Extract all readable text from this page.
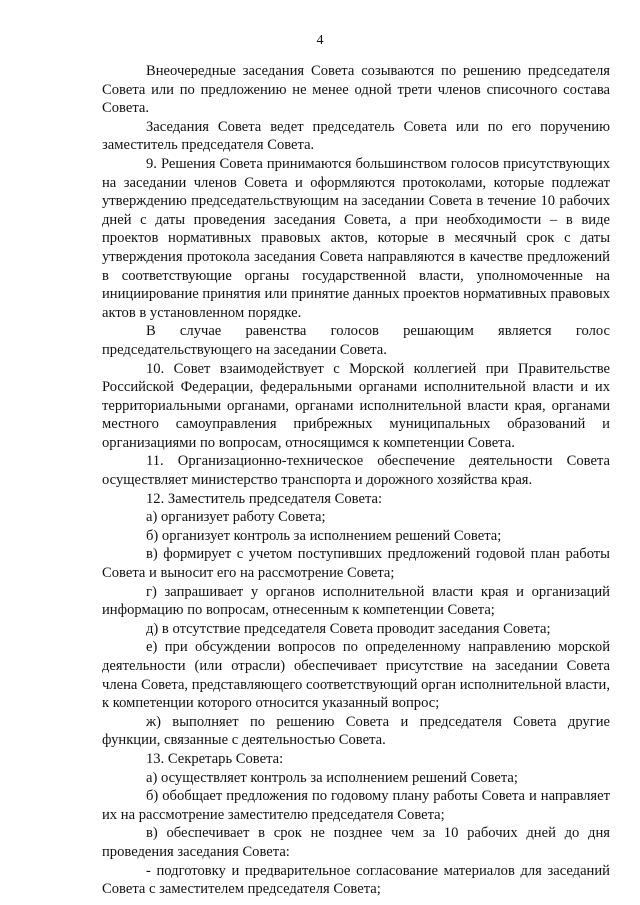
4

Внеочередные заседания Совета созываются по решению председателя Совета или по предложению не менее одной трети членов списочного состава Совета.

Заседания Совета ведет председатель Совета или по его поручению заместитель председателя Совета.

9. Решения Совета принимаются большинством голосов присутствующих на заседании членов Совета и оформляются протоколами, которые подлежат утверждению председательствующим на заседании Совета в течение 10 рабочих дней с даты проведения заседания Совета, а при необходимости – в виде проектов нормативных правовых актов, которые в месячный срок с даты утверждения протокола заседания Совета направляются в качестве предложений в соответствующие органы государственной власти, уполномоченные на инициирование принятия или принятие данных проектов нормативных правовых актов в установленном порядке.

В случае равенства голосов решающим является голос председательствующего на заседании Совета.

10. Совет взаимодействует с Морской коллегией при Правительстве Российской Федерации, федеральными органами исполнительной власти и их территориальными органами, органами исполнительной власти края, органами местного самоуправления прибрежных муниципальных образований и организациями по вопросам, относящимся к компетенции Совета.

11. Организационно-техническое обеспечение деятельности Совета осуществляет министерство транспорта и дорожного хозяйства края.

12. Заместитель председателя Совета:

а) организует работу Совета;

б) организует контроль за исполнением решений Совета;

в) формирует с учетом поступивших предложений годовой план работы Совета и выносит его на рассмотрение Совета;

г) запрашивает у органов исполнительной власти края и организаций информацию по вопросам, отнесенным к компетенции Совета;

д) в отсутствие председателя Совета проводит заседания Совета;

е) при обсуждении вопросов по определенному направлению морской деятельности (или отрасли) обеспечивает присутствие на заседании Совета члена Совета, представляющего соответствующий орган исполнительной власти, к компетенции которого относится указанный вопрос;

ж) выполняет по решению Совета и председателя Совета другие функции, связанные с деятельностью Совета.

13. Секретарь Совета:

а) осуществляет контроль за исполнением решений Совета;

б) обобщает предложения по годовому плану работы Совета и направляет их на рассмотрение заместителю председателя Совета;

в) обеспечивает в срок не позднее чем за 10 рабочих дней до дня проведения заседания Совета:

- подготовку и предварительное согласование материалов для заседаний Совета с заместителем председателя Совета;
